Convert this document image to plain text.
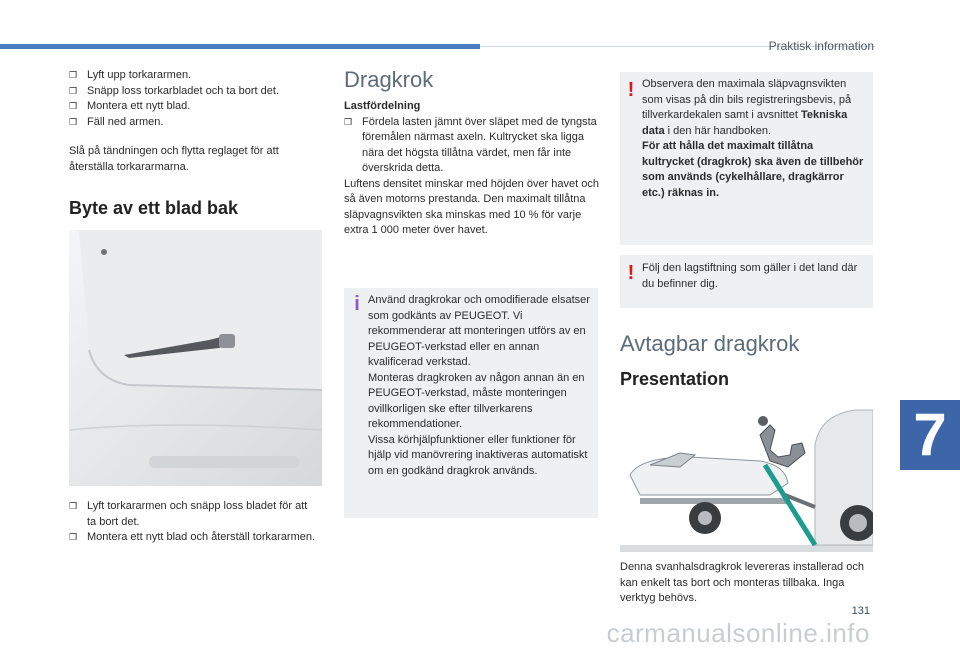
Praktisk information
❒ Lyft upp torkararmen.
❒ Snäpp loss torkarbladet och ta bort det.
❒ Montera ett nytt blad.
❒ Fäll ned armen.
Slå på tändningen och flytta reglaget för att återställa torkararmarna.
Byte av ett blad bak
❒ Lyft torkararmen och snäpp loss bladet för att ta bort det.
❒ Montera ett nytt blad och återställ torkararmen.
Dragkrok
Lastfördelning
❒ Fördela lasten jämnt över släpet med de tyngsta föremålen närmast axeln. Kultrycket ska ligga nära det högsta tillåtna värdet, men får inte överskrida detta.
Luftens densitet minskar med höjden över havet och så även motorns prestanda. Den maximalt tillåtna släpvagnsvikten ska minskas med 10 % för varje extra 1 000 meter över havet.
i Använd dragkrokar och omodifierade elsatser som godkänts av PEUGEOT. Vi rekommenderar att monteringen utförs av en PEUGEOT-verkstad eller en annan kvalificerad verkstad.
Monteras dragkroken av någon annan än en PEUGEOT-verkstad, måste monteringen ovillkorligen ske efter tillverkarens rekommendationer.
Vissa körhjälpfunktioner eller funktioner för hjälp vid manövrering inaktiveras automatiskt om en godkänd dragkrok används.
! Observera den maximala släpvagnsvikten som visas på din bils registreringsbevis, på tillverkardekalen samt i avsnittet Tekniska data i den här handboken.
För att hålla det maximalt tillåtna kultrycket (dragkrok) ska även de tillbehör som används (cykelhållare, dragkärror etc.) räknas in.
! Följ den lagstiftning som gäller i det land där du befinner dig.
Avtagbar dragkrok
Presentation
Denna svanhalsdragkrok levereras installerad och kan enkelt tas bort och monteras tillbaka. Inga verktyg behövs.
7
131
carmanualsonline.info
